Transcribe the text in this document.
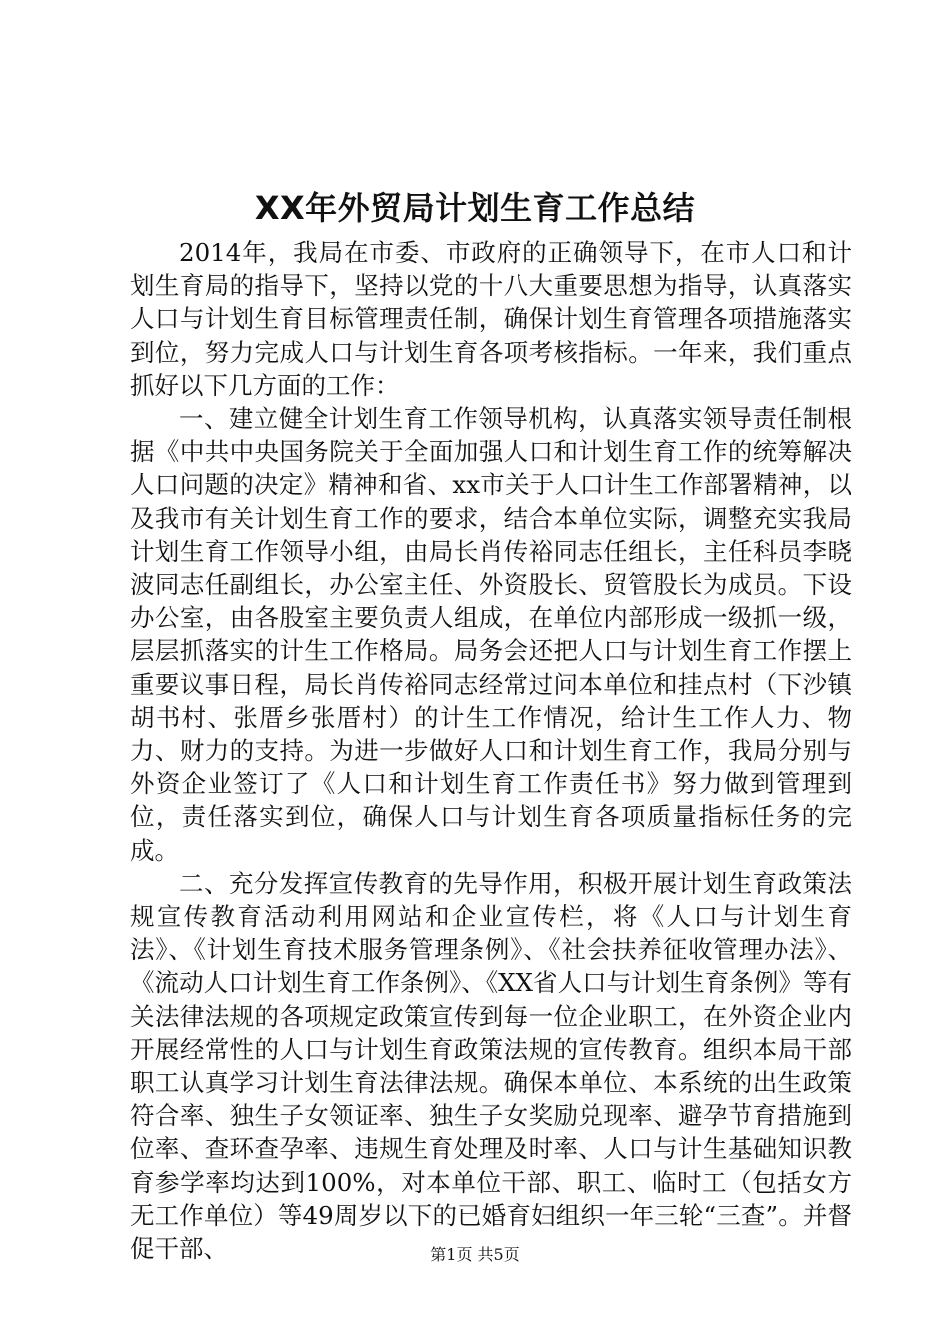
XX年外贸局计划生育工作总结

2014年，我局在市委、市政府的正确领导下，在市人口和计划生育局的指导下，坚持以党的十八大重要思想为指导，认真落实人口与计划生育目标管理责任制，确保计划生育管理各项措施落实到位，努力完成人口与计划生育各项考核指标。一年来，我们重点抓好以下几方面的工作：

一、建立健全计划生育工作领导机构，认真落实领导责任制根据《中共中央国务院关于全面加强人口和计划生育工作的统筹解决人口问题的决定》精神和省、xx市关于人口计生工作部署精神，以及我市有关计划生育工作的要求，结合本单位实际，调整充实我局计划生育工作领导小组，由局长肖传裕同志任组长，主任科员李晓波同志任副组长，办公室主任、外资股长、贸管股长为成员。下设办公室，由各股室主要负责人组成，在单位内部形成一级抓一级，层层抓落实的计生工作格局。局务会还把人口与计划生育工作摆上重要议事日程，局长肖传裕同志经常过问本单位和挂点村（下沙镇胡书村、张厝乡张厝村）的计生工作情况，给计生工作人力、物力、财力的支持。为进一步做好人口和计划生育工作，我局分别与外资企业签订了《人口和计划生育工作责任书》努力做到管理到位，责任落实到位，确保人口与计划生育各项质量指标任务的完成。

二、充分发挥宣传教育的先导作用，积极开展计划生育政策法规宣传教育活动利用网站和企业宣传栏，将《人口与计划生育法》、《计划生育技术服务管理条例》、《社会扶养征收管理办法》、《流动人口计划生育工作条例》、《XX省人口与计划生育条例》等有关法律法规的各项规定政策宣传到每一位企业职工，在外资企业内开展经常性的人口与计划生育政策法规的宣传教育。组织本局干部职工认真学习计划生育法律法规。确保本单位、本系统的出生政策符合率、独生子女领证率、独生子女奖励兑现率、避孕节育措施到位率、查环查孕率、违规生育处理及时率、人口与计生基础知识教育参学率均达到100%，对本单位干部、职工、临时工（包括女方无工作单位）等49周岁以下的已婚育妇组织一年三轮“三查”。并督促干部、	第1页 共5页
